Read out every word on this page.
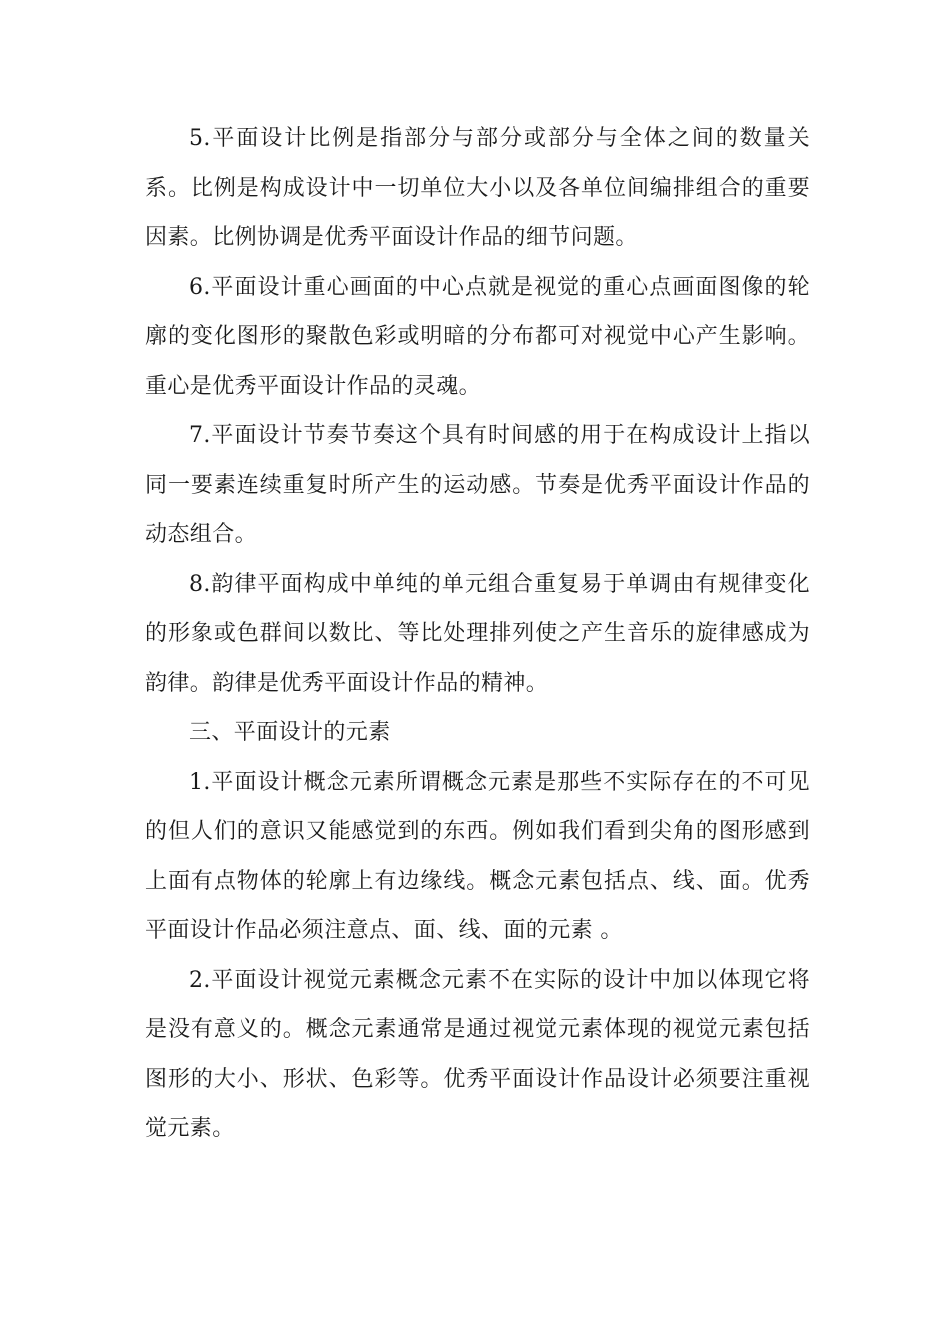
5.平面设计比例是指部分与部分或部分与全体之间的数量关系。比例是构成设计中一切单位大小以及各单位间编排组合的重要因素。比例协调是优秀平面设计作品的细节问题。

6.平面设计重心画面的中心点就是视觉的重心点画面图像的轮廓的变化图形的聚散色彩或明暗的分布都可对视觉中心产生影响。重心是优秀平面设计作品的灵魂。

7.平面设计节奏节奏这个具有时间感的用于在构成设计上指以同一要素连续重复时所产生的运动感。节奏是优秀平面设计作品的动态组合。

8.韵律平面构成中单纯的单元组合重复易于单调由有规律变化的形象或色群间以数比、等比处理排列使之产生音乐的旋律感成为韵律。韵律是优秀平面设计作品的精神。

三、平面设计的元素

1.平面设计概念元素所谓概念元素是那些不实际存在的不可见的但人们的意识又能感觉到的东西。例如我们看到尖角的图形感到上面有点物体的轮廓上有边缘线。概念元素包括点、线、面。优秀平面设计作品必须注意点、面、线、面的元素 。

2.平面设计视觉元素概念元素不在实际的设计中加以体现它将是没有意义的。概念元素通常是通过视觉元素体现的视觉元素包括图形的大小、形状、色彩等。优秀平面设计作品设计必须要注重视觉元素。
